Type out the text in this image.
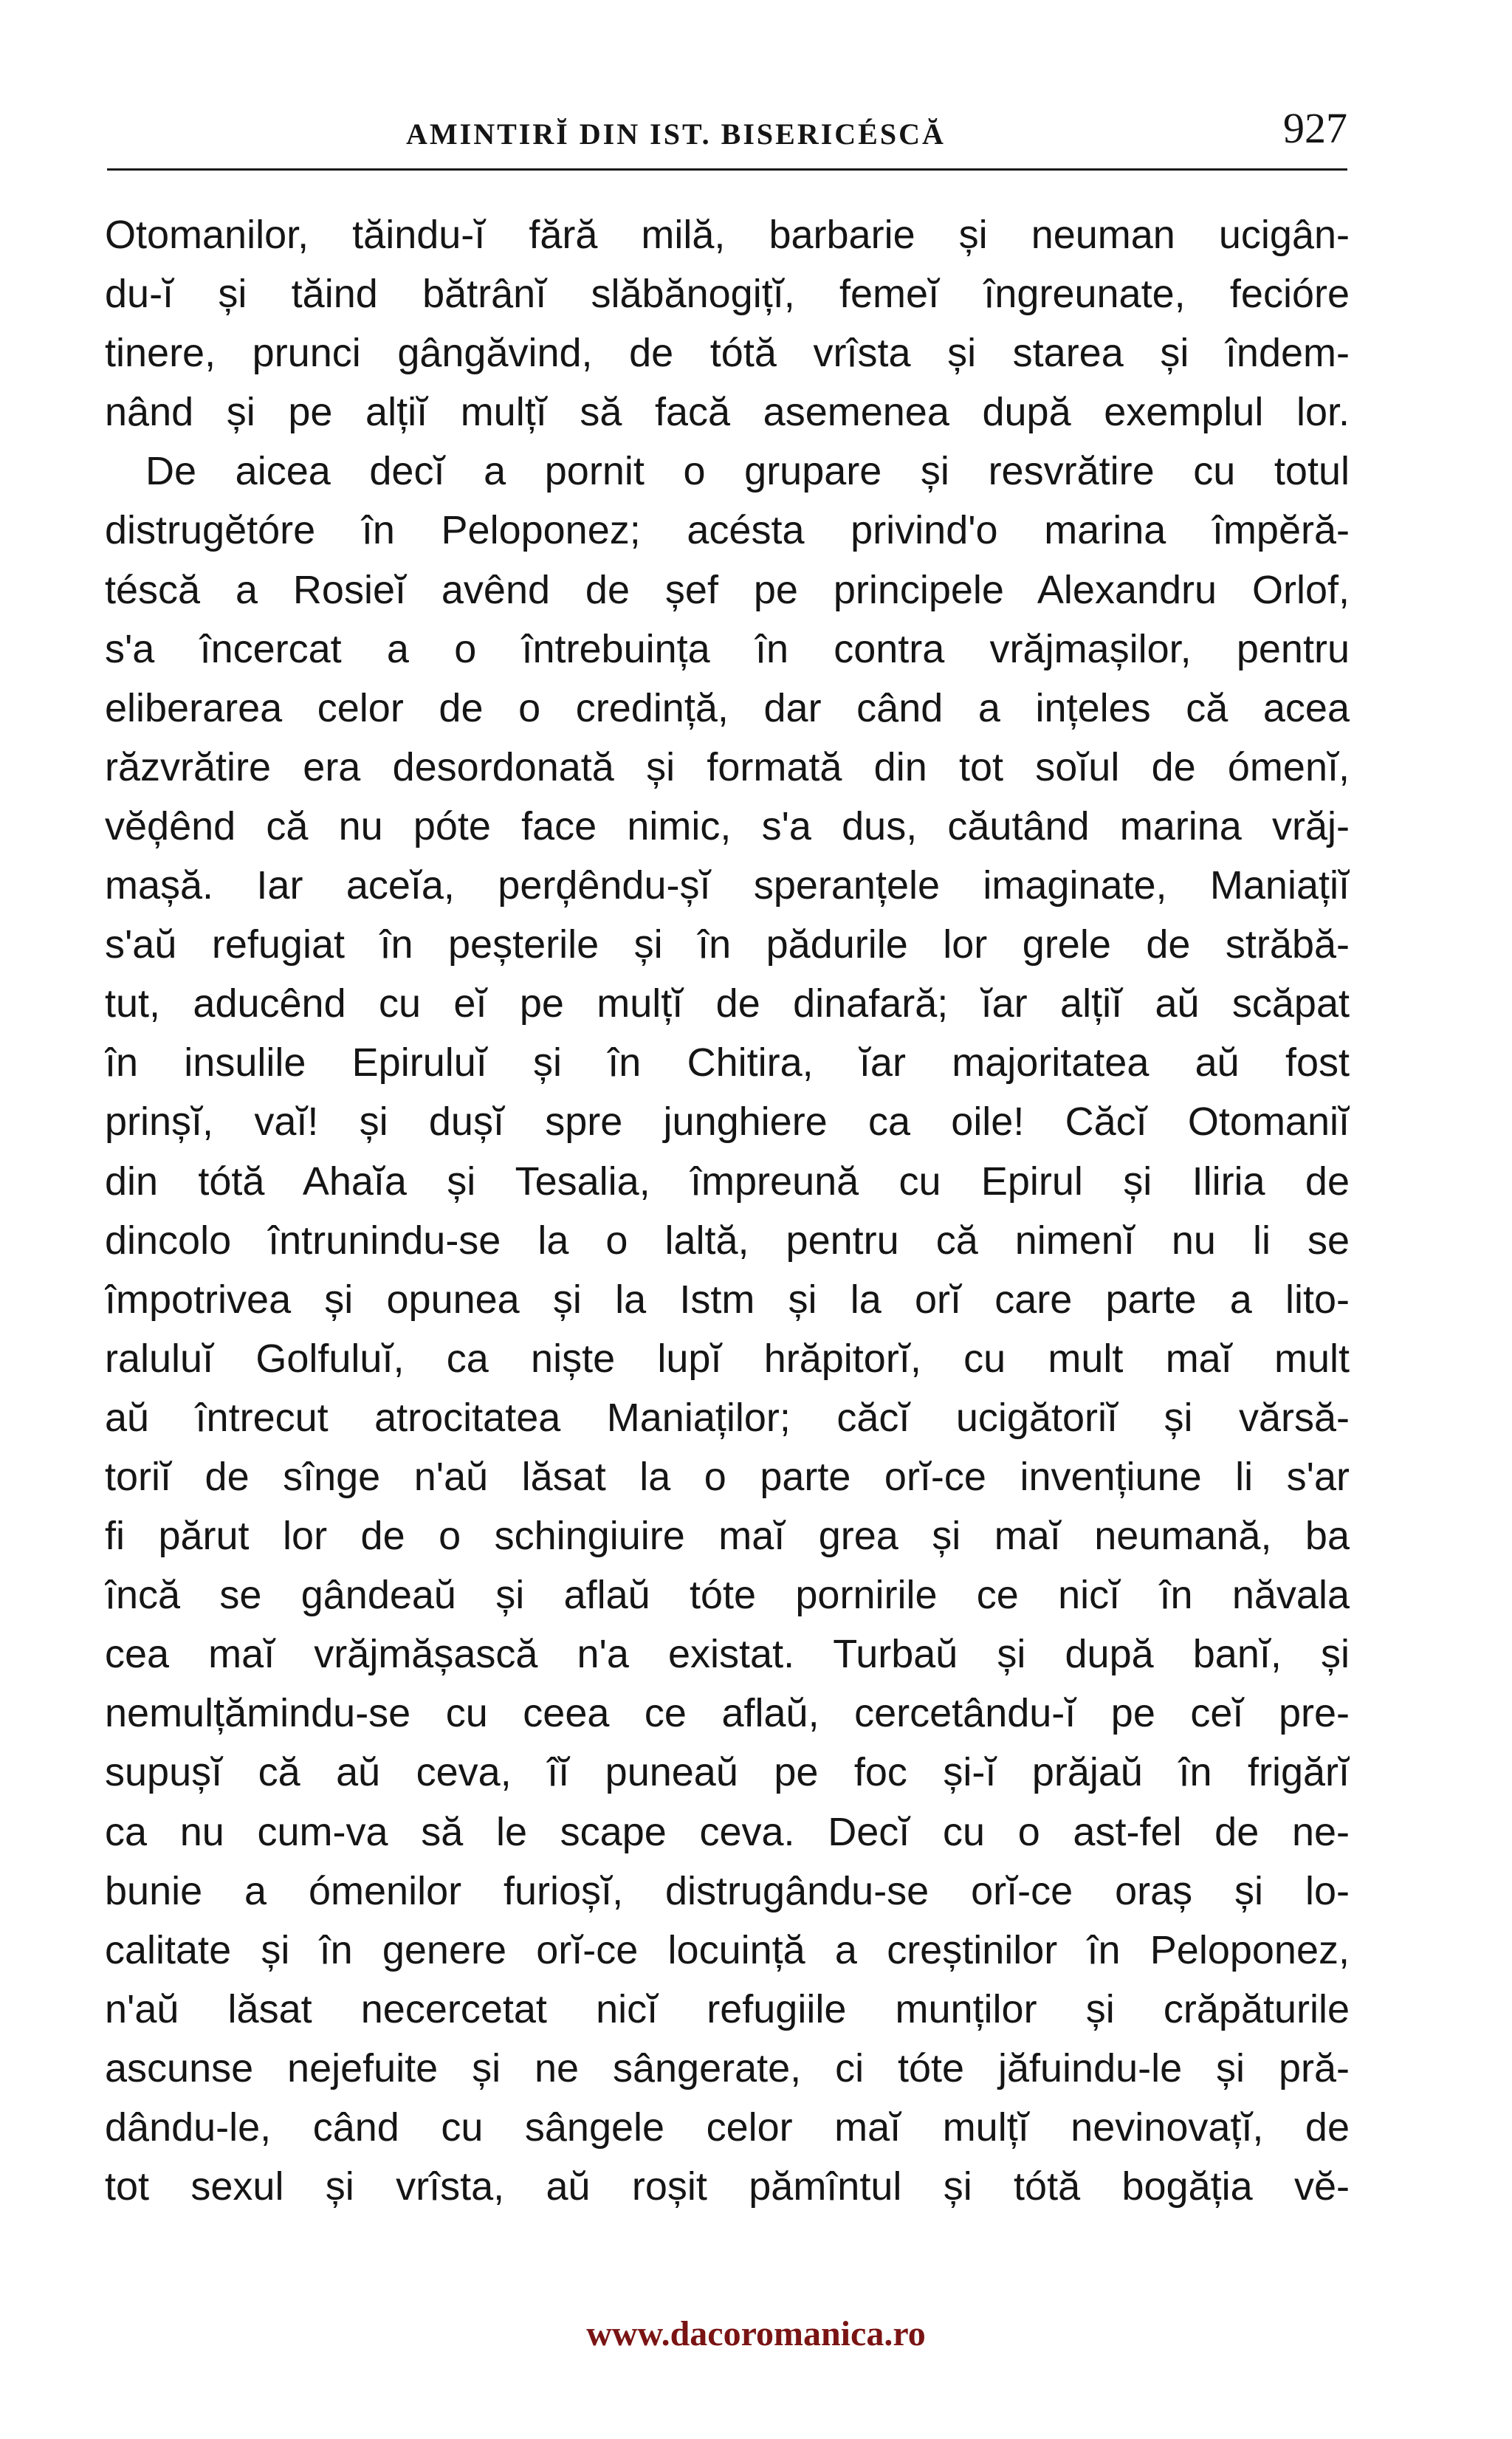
AMINTIRĬ DIN IST. BISERICÉSCĂ	927
Otomanilor, tăindu-ĭ fără milă, barbarie și neuman ucigân-
du-ĭ și tăind bătrânĭ slăbănogițĭ, femeĭ îngreunate, fecióre
tinere, prunci gângăvind, de tótă vrîsta și starea și îndem-
nând și pe alțiĭ mulțĭ să facă asemenea după exemplul lor.
De aicea decĭ a pornit o grupare și resvrătire cu totul
distrugĕtóre în Peloponez; acésta privind'o marina împĕră-
téscă a Rosieĭ avênd de șef pe principele Alexandru Orlof,
s'a încercat a o întrebuința în contra vrăjmașilor, pentru
eliberarea celor de o credință, dar când a ințeles că acea
răzvrătire era desordonată și formată din tot soĭul de ómenĭ,
vĕḑênd că nu póte face nimic, s'a dus, căutând marina vrăj-
mașă. Iar aceĭa, perḑêndu-șĭ speranțele imaginate, Maniațiĭ
s'aŭ refugiat în peșterile și în pădurile lor grele de străbă-
tut, aducênd cu eĭ pe mulțĭ de dinafară; ĭar alțiĭ aŭ scăpat
în insulile Epiruluĭ și în Chitira, ĭar majoritatea aŭ fost
prinșĭ, vaĭ! și dușĭ spre junghiere ca oile! Căcĭ Otomaniĭ
din tótă Ahaĭa și Tesalia, împreună cu Epirul și Iliria de
dincolo întrunindu-se la o laltă, pentru că nimenĭ nu li se
împotrivea și opunea și la Istm și la orĭ care parte a lito-
raluluĭ Golfuluĭ, ca niște lupĭ hrăpitorĭ, cu mult maĭ mult
aŭ întrecut atrocitatea Maniaților; căcĭ ucigătoriĭ și vărsă-
toriĭ de sînge n'aŭ lăsat la o parte orĭ-ce invențiune li s'ar
fi părut lor de o schingiuire maĭ grea și maĭ neumană, ba
încă se gândeaŭ și aflaŭ tóte pornirile ce nicĭ în năvala
cea maĭ vrăjmășască n'a existat. Turbaŭ și după banĭ, și
nemulțămindu-se cu ceea ce aflaŭ, cercetându-ĭ pe ceĭ pre-
supușĭ că aŭ ceva, îĭ puneaŭ pe foc și-ĭ prăjaŭ în frigărĭ
ca nu cum-va să le scape ceva. Decĭ cu o ast-fel de ne-
bunie a ómenilor furioșĭ, distrugându-se orĭ-ce oraș și lo-
calitate și în genere orĭ-ce locuință a creștinilor în Peloponez,
n'aŭ lăsat necercetat nicĭ refugiile munților și crăpăturile
ascunse nejefuite și ne sângerate, ci tóte jăfuindu-le și pră-
dându-le, când cu sângele celor maĭ mulțĭ nevinovațĭ, de
tot sexul și vrîsta, aŭ roșit pămîntul și tótă bogăția vĕ-
www.dacoromanica.ro
